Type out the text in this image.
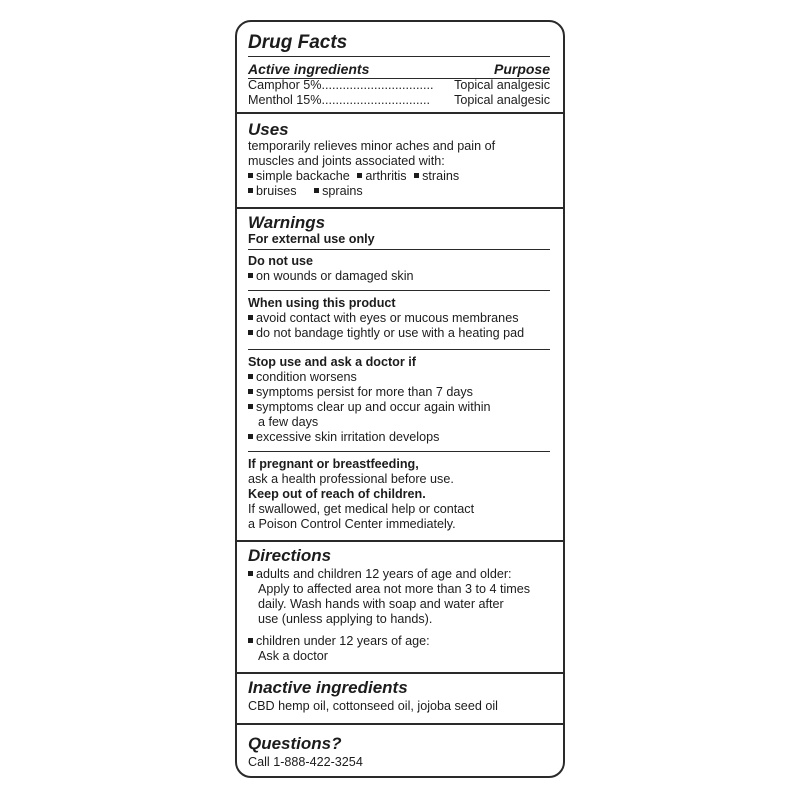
Drug Facts
Active ingredients	Purpose
Camphor 5%................................ Topical analgesic
Menthol 15%............................... Topical analgesic
Uses
temporarily relieves minor aches and pain of
muscles and joints associated with:
simple backache arthritis strains
bruises sprains
Warnings
For external use only
Do not use
on wounds or damaged skin
When using this product
avoid contact with eyes or mucous membranes
do not bandage tightly or use with a heating pad
Stop use and ask a doctor if
condition worsens
symptoms persist for more than 7 days
symptoms clear up and occur again within
a few days
excessive skin irritation develops
If pregnant or breastfeeding,
ask a health professional before use.
Keep out of reach of children.
If swallowed, get medical help or contact
a Poison Control Center immediately.
Directions
adults and children 12 years of age and older:
Apply to affected area not more than 3 to 4 times
daily. Wash hands with soap and water after
use (unless applying to hands).
children under 12 years of age:
Ask a doctor
Inactive ingredients
CBD hemp oil, cottonseed oil, jojoba seed oil
Questions?
Call 1-888-422-3254
